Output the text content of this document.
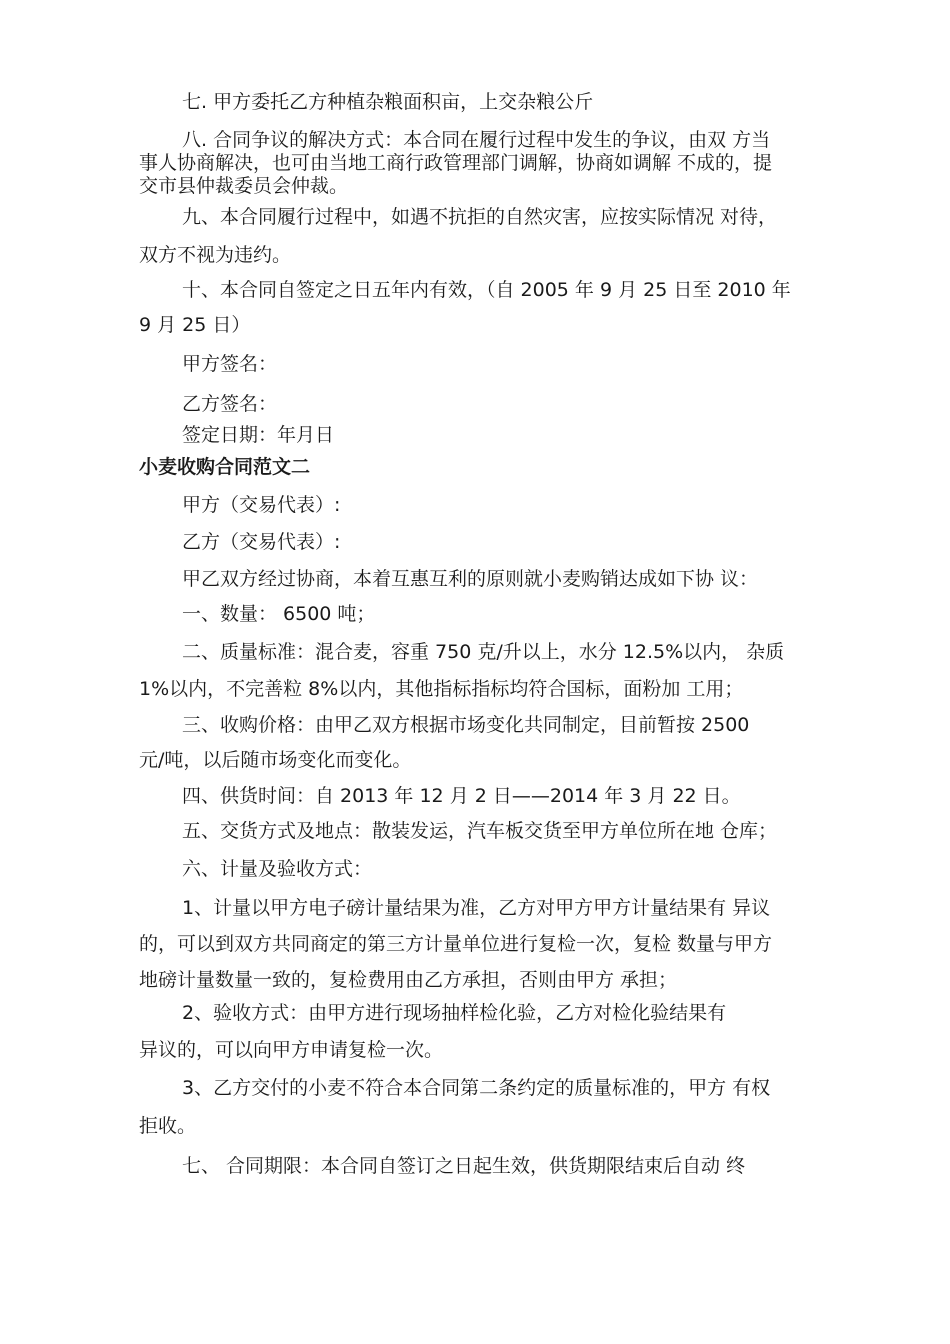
七. 甲方委托乙方种植杂粮面积亩，上交杂粮公斤
八. 合同争议的解决方式：本合同在履行过程中发生的争议，由双 方当
事人协商解决，也可由当地工商行政管理部门调解，协商如调解 不成的，提
交市县仲裁委员会仲裁。
九、本合同履行过程中，如遇不抗拒的自然灾害，应按实际情况 对待，
双方不视为违约。
十、本合同自签定之日五年内有效，（自 2005 年 9 月 25 日至 2010 年
9 月 25 日）
甲方签名：
乙方签名：
签定日期：年月日
小麦收购合同范文二
甲方（交易代表）:
乙方（交易代表）:
甲乙双方经过协商，本着互惠互利的原则就小麦购销达成如下协 议：
一、数量： 6500 吨；
二、质量标准：混合麦，容重 750 克/升以上，水分 12.5%以内， 杂质
1%以内，不完善粒 8%以内，其他指标指标均符合国标，面粉加 工用；
三、收购价格：由甲乙双方根据市场变化共同制定，目前暂按 2500
元/吨，以后随市场变化而变化。
四、供货时间：自 2013 年 12 月 2 日——2014 年 3 月 22 日。
五、交货方式及地点：散装发运，汽车板交货至甲方单位所在地 仓库；
六、计量及验收方式：
1、计量以甲方电子磅计量结果为准，乙方对甲方甲方计量结果有 异议
的，可以到双方共同商定的第三方计量单位进行复检一次，复检 数量与甲方
地磅计量数量一致的，复检费用由乙方承担，否则由甲方 承担；
2、验收方式：由甲方进行现场抽样检化验，乙方对检化验结果有
异议的，可以向甲方申请复检一次。
3、乙方交付的小麦不符合本合同第二条约定的质量标准的，甲方 有权
拒收。
七、 合同期限：本合同自签订之日起生效，供货期限结束后自动 终
